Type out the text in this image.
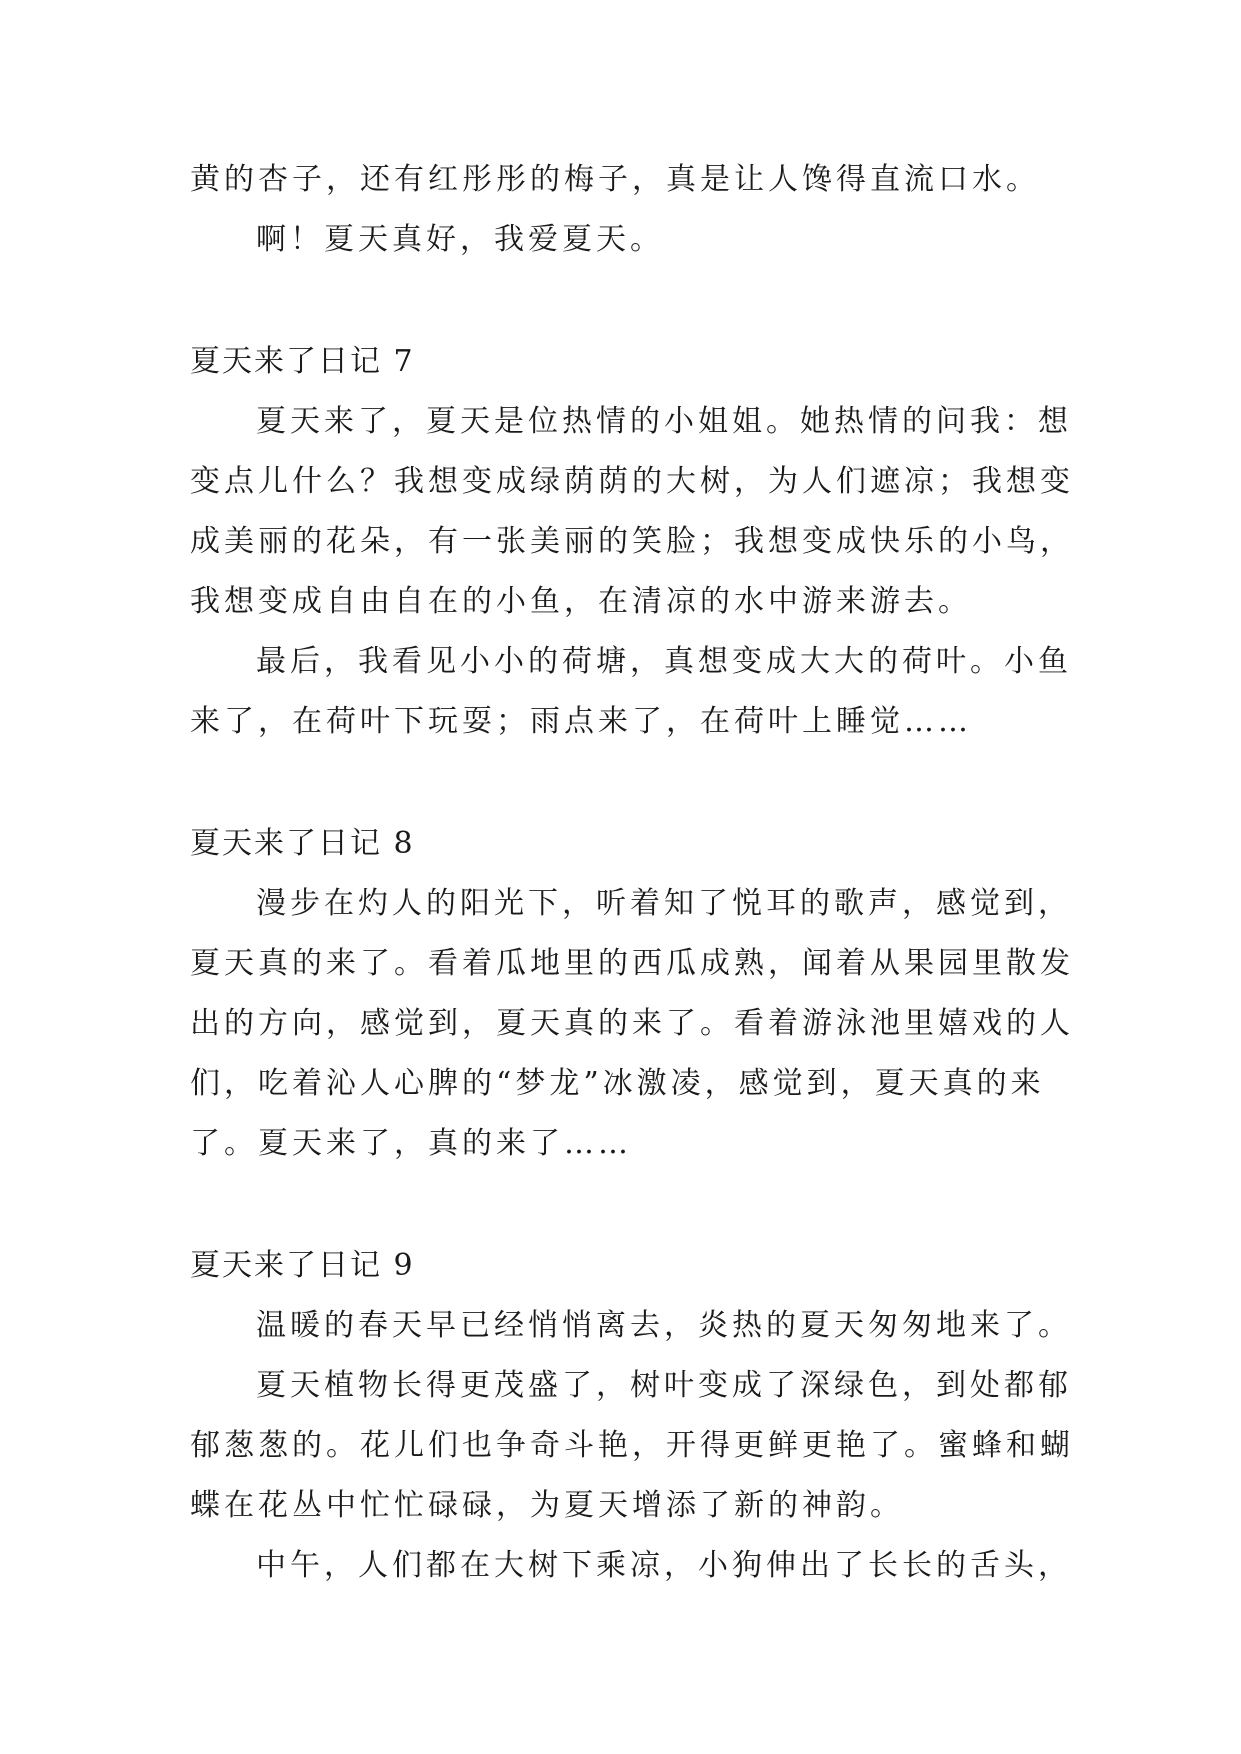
黄的杏子，还有红彤彤的梅子，真是让人馋得直流口水。
啊！夏天真好，我爱夏天。
夏天来了日记 7
夏天来了，夏天是位热情的小姐姐。她热情的问我：想
变点儿什么？我想变成绿荫荫的大树，为人们遮凉；我想变
成美丽的花朵，有一张美丽的笑脸；我想变成快乐的小鸟，
我想变成自由自在的小鱼，在清凉的水中游来游去。
最后，我看见小小的荷塘，真想变成大大的荷叶。小鱼
来了，在荷叶下玩耍；雨点来了，在荷叶上睡觉……
夏天来了日记 8
漫步在灼人的阳光下，听着知了悦耳的歌声，感觉到，
夏天真的来了。看着瓜地里的西瓜成熟，闻着从果园里散发
出的方向，感觉到，夏天真的来了。看着游泳池里嬉戏的人
们，吃着沁人心脾的“梦龙”冰激凌，感觉到，夏天真的来
了。夏天来了，真的来了……
夏天来了日记 9
温暖的春天早已经悄悄离去，炎热的夏天匆匆地来了。
夏天植物长得更茂盛了，树叶变成了深绿色，到处都郁
郁葱葱的。花儿们也争奇斗艳，开得更鲜更艳了。蜜蜂和蝴
蝶在花丛中忙忙碌碌，为夏天增添了新的神韵。
中午，人们都在大树下乘凉，小狗伸出了长长的舌头，
